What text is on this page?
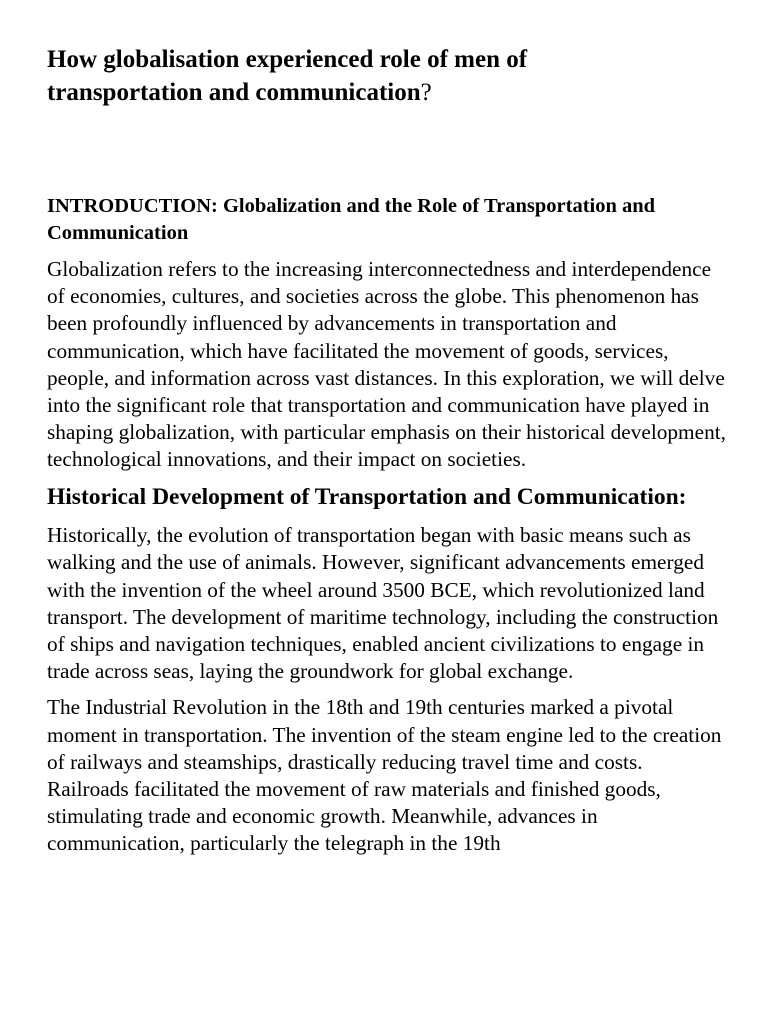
How globalisation experienced role of men of transportation and communication?
INTRODUCTION: Globalization and the Role of Transportation and Communication

Globalization refers to the increasing interconnectedness and interdependence of economies, cultures, and societies across the globe. This phenomenon has been profoundly influenced by advancements in transportation and communication, which have facilitated the movement of goods, services, people, and information across vast distances. In this exploration, we will delve into the significant role that transportation and communication have played in shaping globalization, with particular emphasis on their historical development, technological innovations, and their impact on societies.

Historical Development of Transportation and Communication:

Historically, the evolution of transportation began with basic means such as walking and the use of animals. However, significant advancements emerged with the invention of the wheel around 3500 BCE, which revolutionized land transport. The development of maritime technology, including the construction of ships and navigation techniques, enabled ancient civilizations to engage in trade across seas, laying the groundwork for global exchange.

The Industrial Revolution in the 18th and 19th centuries marked a pivotal moment in transportation. The invention of the steam engine led to the creation of railways and steamships, drastically reducing travel time and costs. Railroads facilitated the movement of raw materials and finished goods, stimulating trade and economic growth. Meanwhile, advances in communication, particularly the telegraph in the 19th
